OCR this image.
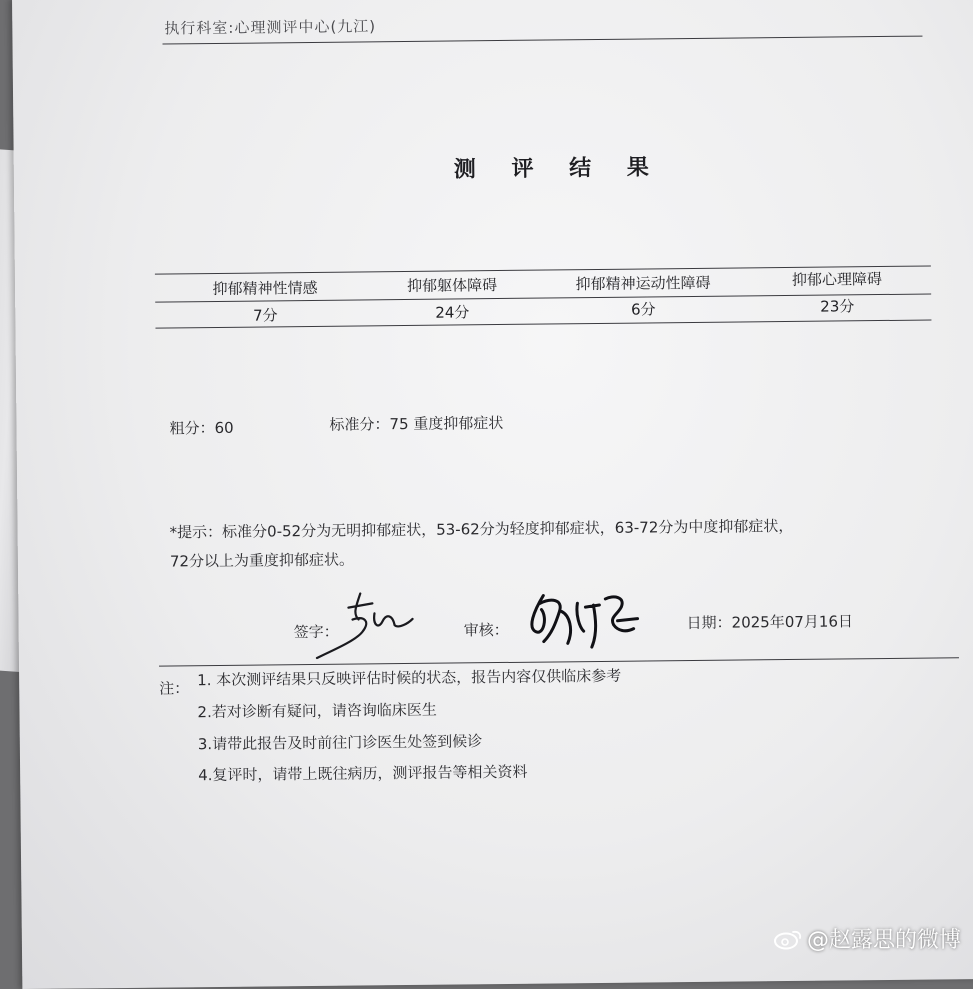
执行科室:心理测评中心(九江)
测 评 结 果
抑郁精神性情感	抑郁躯体障碍	抑郁精神运动性障碍	抑郁心理障碍
7分	24分	6分	23分
粗分：60	标准分：75 重度抑郁症状
*提示：标准分0-52分为无明抑郁症状，53-62分为轻度抑郁症状，63-72分为中度抑郁症状，
72分以上为重度抑郁症状。
签字：	审核：	日期：2025年07月16日
注： 1. 本次测评结果只反映评估时候的状态，报告内容仅供临床参考
2.若对诊断有疑问，请咨询临床医生
3.请带此报告及时前往门诊医生处签到候诊
4.复评时，请带上既往病历，测评报告等相关资料
@赵露思的微博
